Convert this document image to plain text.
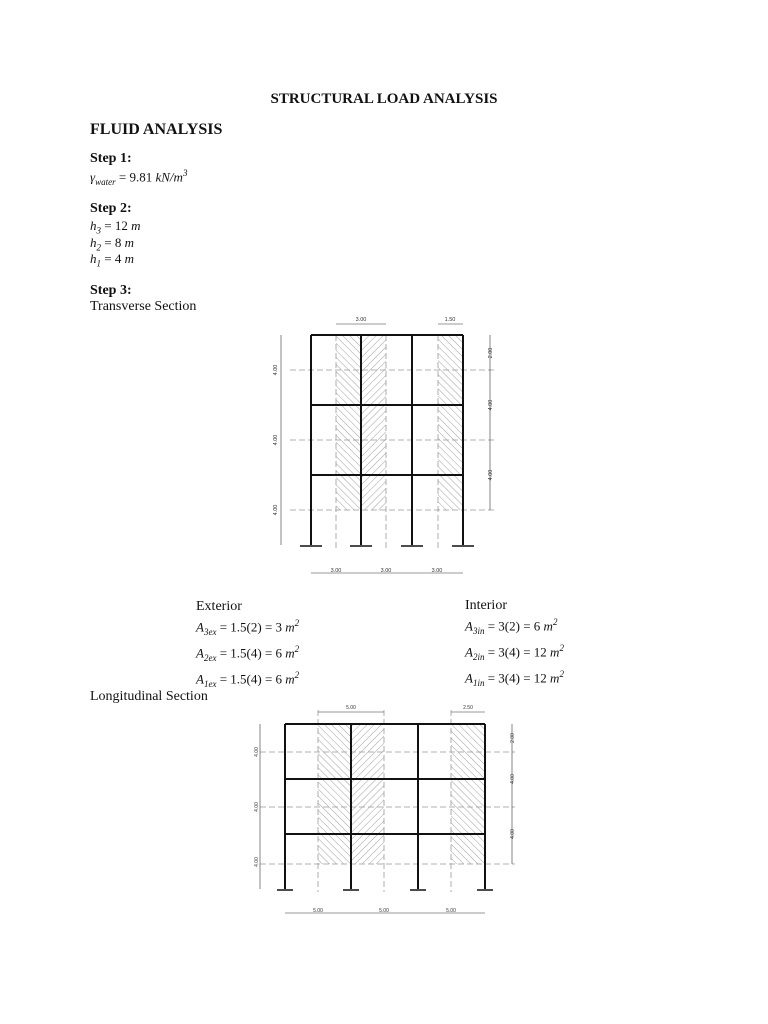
STRUCTURAL LOAD ANALYSIS
FLUID ANALYSIS
Step 1:
$\gamma_{water} = 9.81$ $kN/m^3$
Step 2:
$h_3 = 12$ m
$h_2 = 8$ m
$h_1 = 4$ m
Step 3:
Transverse Section
3.00	1.50
3.00	3.00	3.00
4.00
4.00
4.00
2.00
4.00
4.00
Exterior
$A_{3ex} = 1.5(2) = 3$ $m^2$
$A_{2ex} = 1.5(4) = 6$ $m^2$
$A_{1ex} = 1.5(4) = 6$ $m^2$
Interior
$A_{3in} = 3(2) = 6$ $m^2$
$A_{2in} = 3(4) = 12$ $m^2$
$A_{1in} = 3(4) = 12$ $m^2$
Longitudinal Section
5.00	2.50
5.00	5.00	5.00
4.00
4.00
4.00
2.00
4.00
4.00
